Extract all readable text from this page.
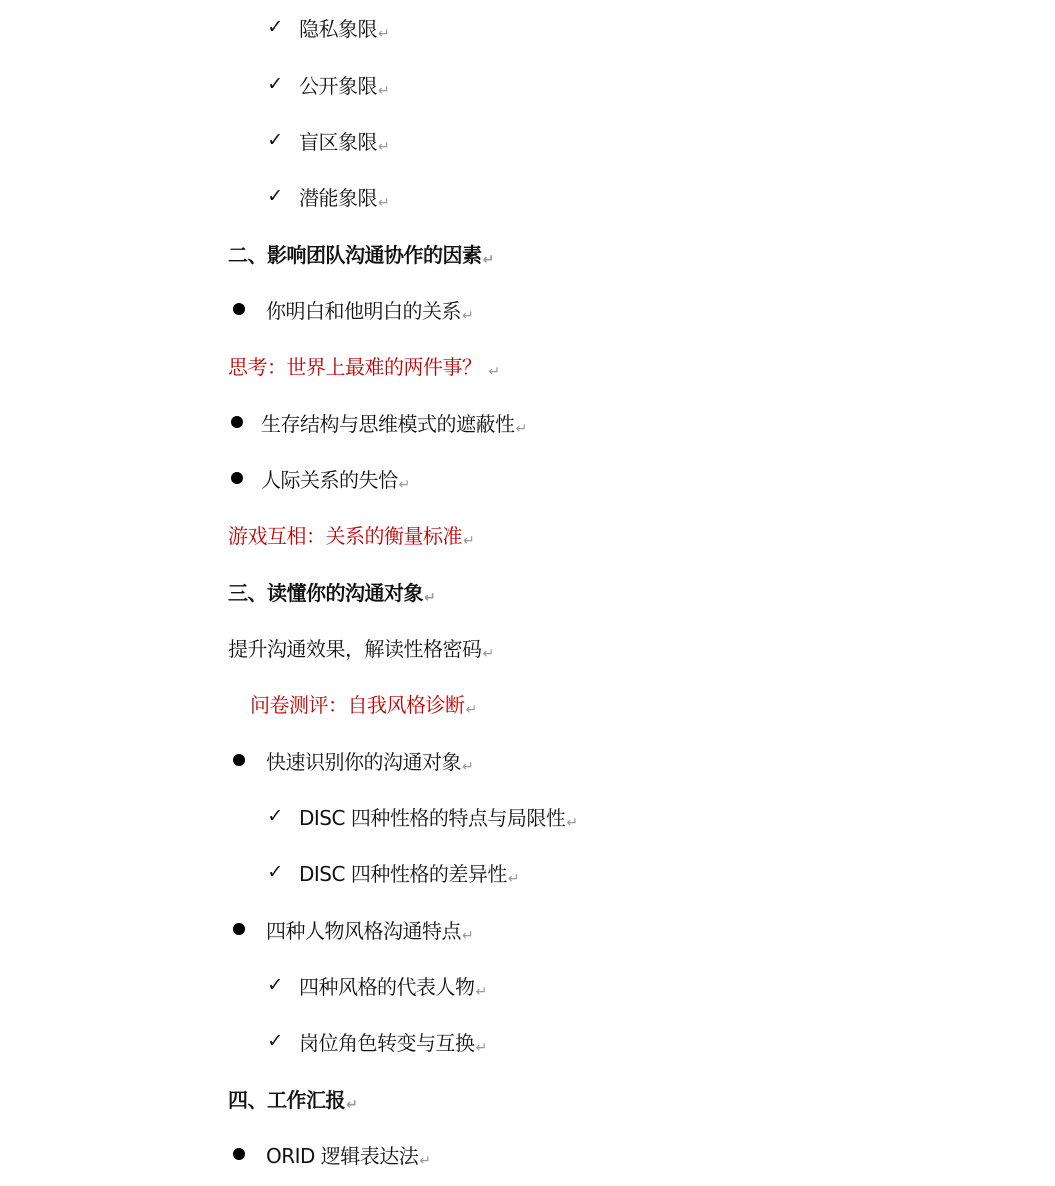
✓ 隐私象限↵
✓ 公开象限↵
✓ 盲区象限↵
✓ 潜能象限↵
二、影响团队沟通协作的因素↵
你明白和他明白的关系↵
思考：世界上最难的两件事？ ↵
生存结构与思维模式的遮蔽性↵
人际关系的失恰↵
游戏互相：关系的衡量标准↵
三、读懂你的沟通对象↵
提升沟通效果，解读性格密码↵
问卷测评：自我风格诊断↵
快速识别你的沟通对象↵
✓ DISC 四种性格的特点与局限性↵
✓ DISC 四种性格的差异性↵
四种人物风格沟通特点↵
✓ 四种风格的代表人物↵
✓ 岗位角色转变与互换↵
四、工作汇报↵
ORID 逻辑表达法↵
